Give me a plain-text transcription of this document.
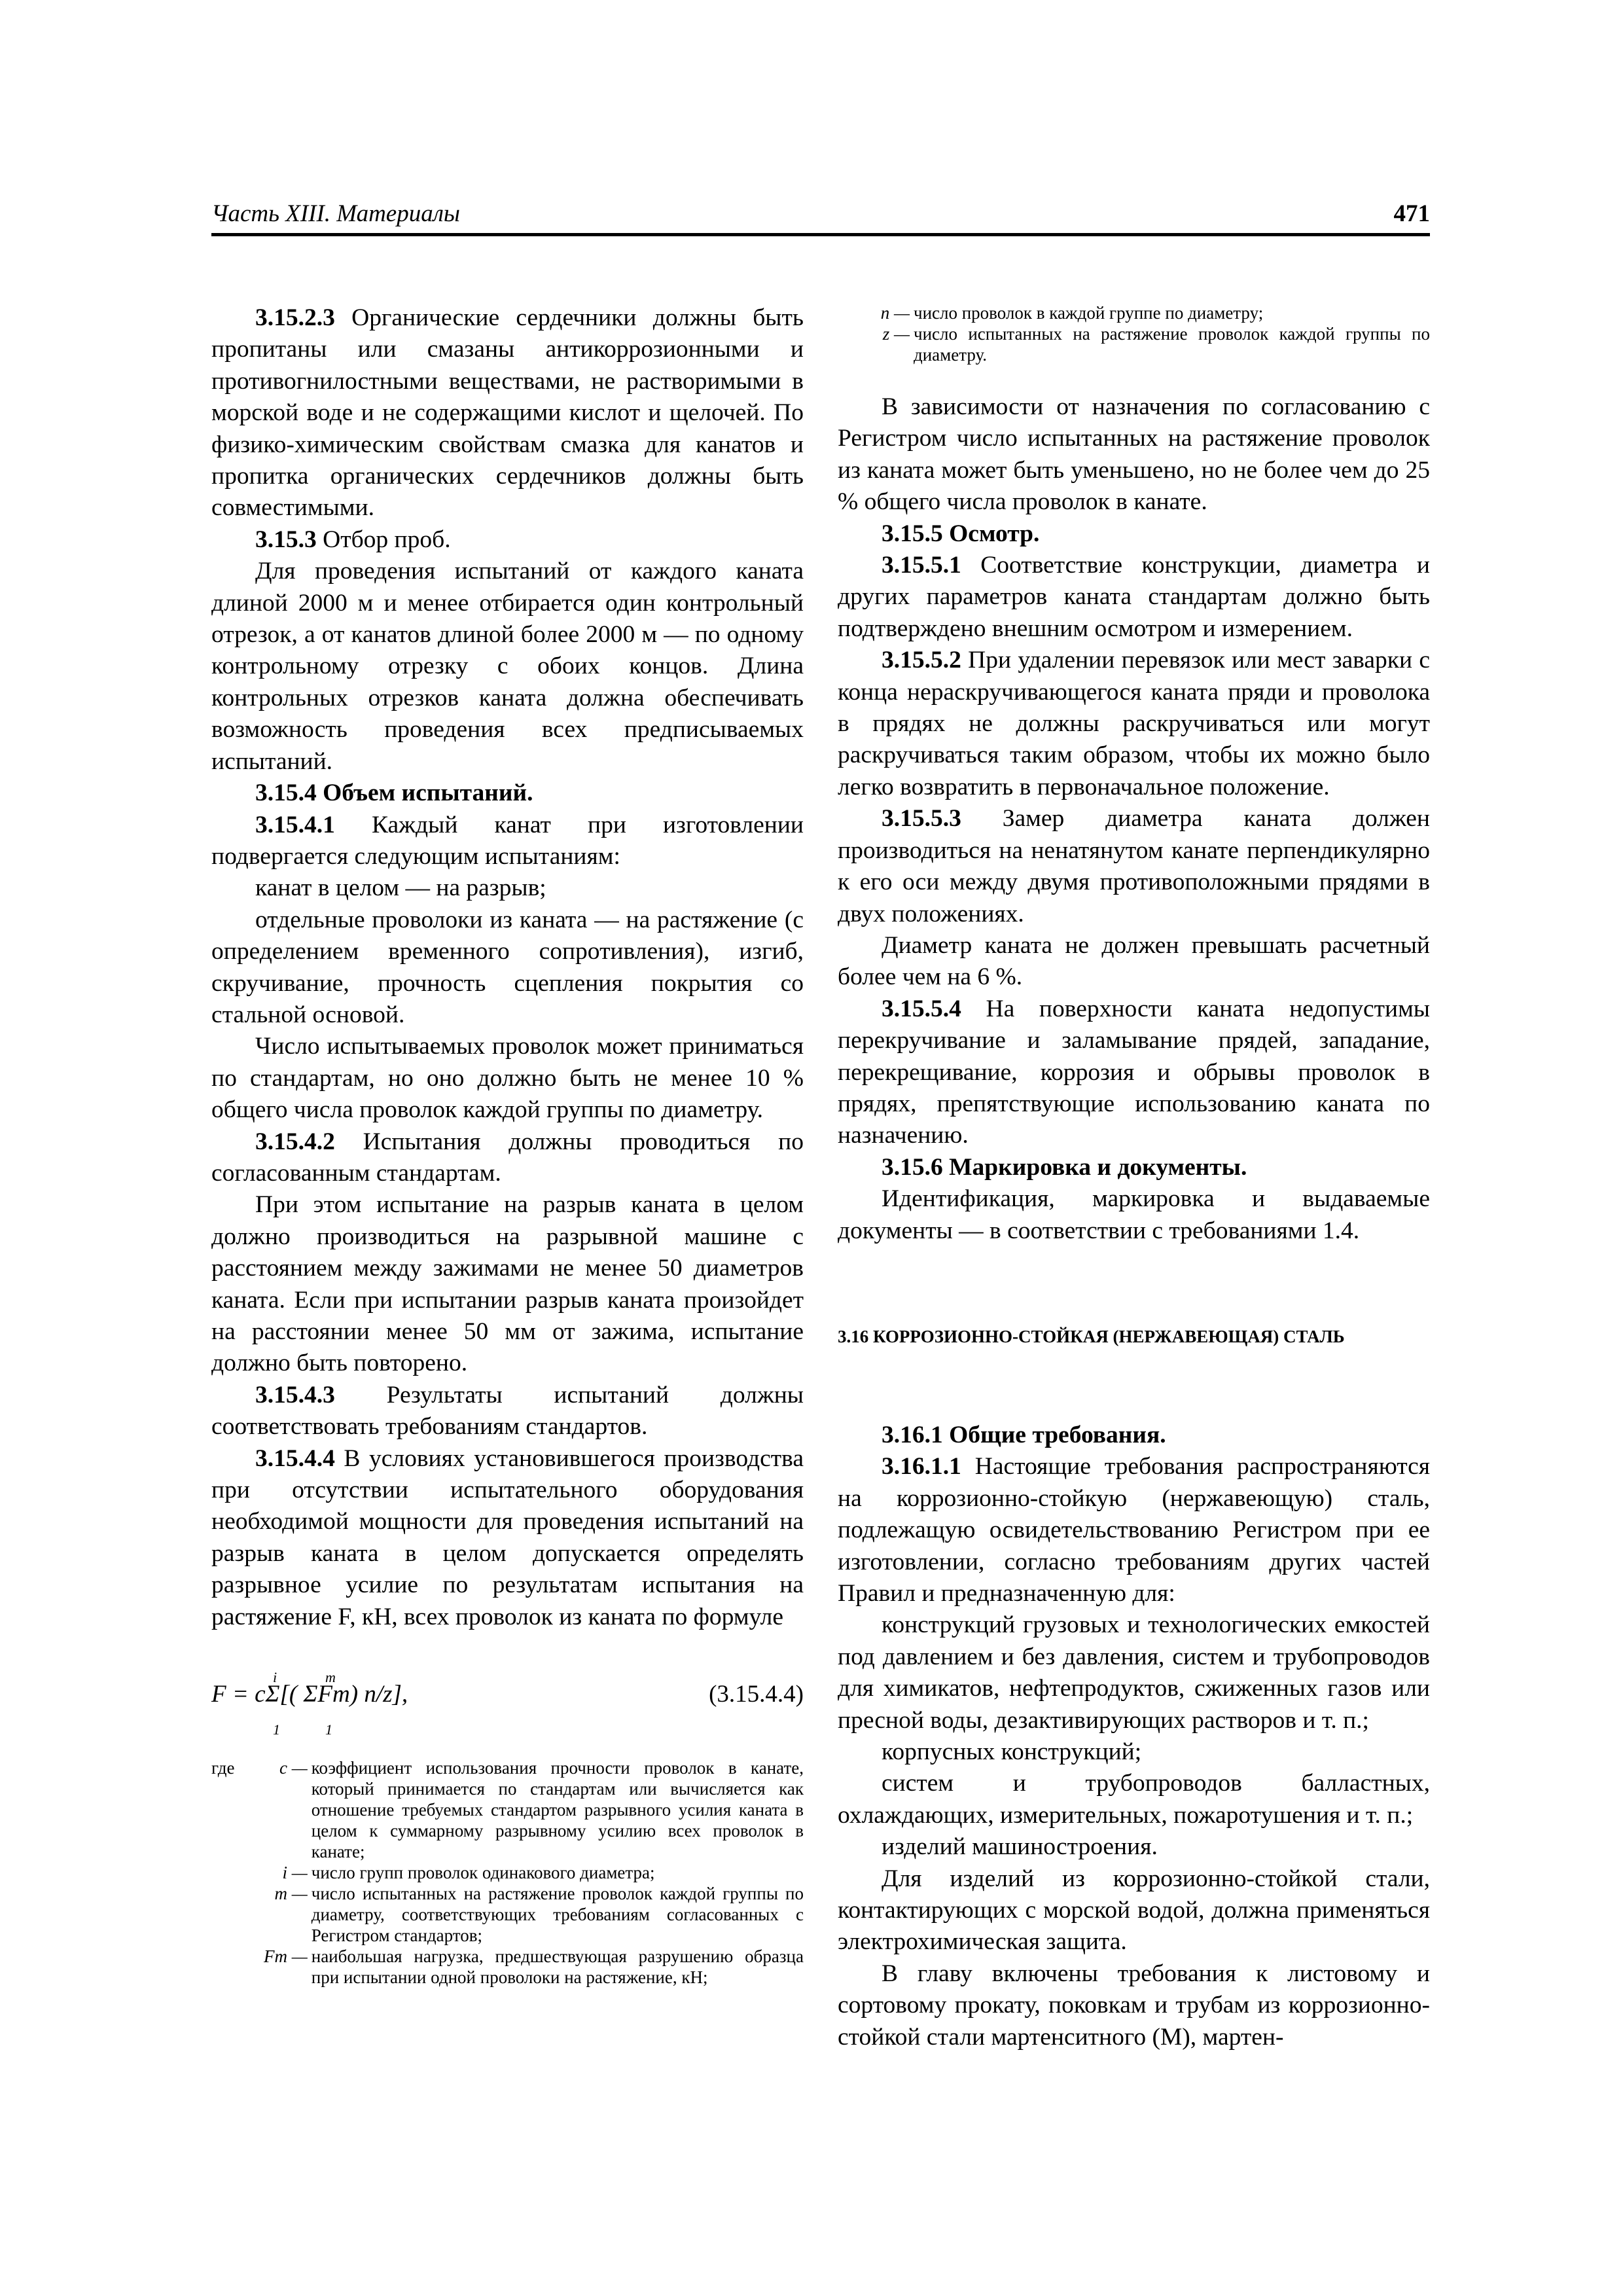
Часть XIII. Материалы	471

3.15.2.3 Органические сердечники должны быть пропитаны или смазаны антикоррозионными и противогнилостными веществами, не растворимыми в морской воде и не содержащими кислот и щелочей. По физико-химическим свойствам смазка для канатов и пропитка органических сердечников должны быть совместимыми.

3.15.3 Отбор проб.

Для проведения испытаний от каждого каната длиной 2000 м и менее отбирается один контрольный отрезок, а от канатов длиной более 2000 м — по одному контрольному отрезку с обоих концов. Длина контрольных отрезков каната должна обеспечивать возможность проведения всех предписываемых испытаний.

3.15.4 Объем испытаний.

3.15.4.1 Каждый канат при изготовлении подвергается следующим испытаниям:

канат в целом — на разрыв;

отдельные проволоки из каната — на растяжение (с определением временного сопротивления), изгиб, скручивание, прочность сцепления покрытия со стальной основой.

Число испытываемых проволок может приниматься по стандартам, но оно должно быть не менее 10 % общего числа проволок каждой группы по диаметру.

3.15.4.2 Испытания должны проводиться по согласованным стандартам.

При этом испытание на разрыв каната в целом должно производиться на разрывной машине с расстоянием между зажимами не менее 50 диаметров каната. Если при испытании разрыв каната произойдет на расстоянии менее 50 мм от зажима, испытание должно быть повторено.

3.15.4.3 Результаты испытаний должны соответствовать требованиям стандартов.

3.15.4.4 В условиях установившегося производства при отсутствии испытательного оборудования необходимой мощности для проведения испытаний на разрыв каната в целом допускается определять разрывное усилие по результатам испытания на растяжение F, кН, всех проволок из каната по формуле

F = cΣ[( ΣFm) n/z],
i
1
m
1
(3.15.4.4)
где	c —	коэффициент использования прочности проволок в канате, который принимается по стандартам или вычисляется как отношение требуемых стандартом разрывного усилия каната в целом к суммарному разрывному усилию всех проволок в канате;
	i —	число групп проволок одинакового диаметра;
	m —	число испытанных на растяжение проволок каждой группы по диаметру, соответствующих требованиям согласованных с Регистром стандартов;
	Fm —	наибольшая нагрузка, предшествующая разрушению образца при испытании одной проволоки на растяжение, кН;
n —	число проволок в каждой группе по диаметру;
z —	число испытанных на растяжение проволок каждой группы по диаметру.

В зависимости от назначения по согласованию с Регистром число испытанных на растяжение проволок из каната может быть уменьшено, но не более чем до 25 % общего числа проволок в канате.

3.15.5 Осмотр.

3.15.5.1 Соответствие конструкции, диаметра и других параметров каната стандартам должно быть подтверждено внешним осмотром и измерением.

3.15.5.2 При удалении перевязок или мест заварки с конца нераскручивающегося каната пряди и проволока в прядях не должны раскручиваться или могут раскручиваться таким образом, чтобы их можно было легко возвратить в первоначальное положение.

3.15.5.3 Замер диаметра каната должен производиться на ненатянутом канате перпендикулярно к его оси между двумя противоположными прядями в двух положениях.

Диаметр каната не должен превышать расчетный более чем на 6 %.

3.15.5.4 На поверхности каната недопустимы перекручивание и заламывание прядей, западание, перекрещивание, коррозия и обрывы проволок в прядях, препятствующие использованию каната по назначению.

3.15.6 Маркировка и документы.

Идентификация, маркировка и выдаваемые документы — в соответствии с требованиями 1.4.

3.16 КОРРОЗИОННО-СТОЙКАЯ (НЕРЖАВЕЮЩАЯ) СТАЛЬ

3.16.1 Общие требования.

3.16.1.1 Настоящие требования распространяются на коррозионно-стойкую (нержавеющую) сталь, подлежащую освидетельствованию Регистром при ее изготовлении, согласно требованиям других частей Правил и предназначенную для:

конструкций грузовых и технологических емкостей под давлением и без давления, систем и трубопроводов для химикатов, нефтепродуктов, сжиженных газов или пресной воды, дезактивирующих растворов и т. п.;

корпусных конструкций;

систем и трубопроводов балластных, охлаждающих, измерительных, пожаротушения и т. п.;

изделий машиностроения.

Для изделий из коррозионно-стойкой стали, контактирующих с морской водой, должна применяться электрохимическая защита.

В главу включены требования к листовому и сортовому прокату, поковкам и трубам из коррозионно-стойкой стали мартенситного (М), мартен-
